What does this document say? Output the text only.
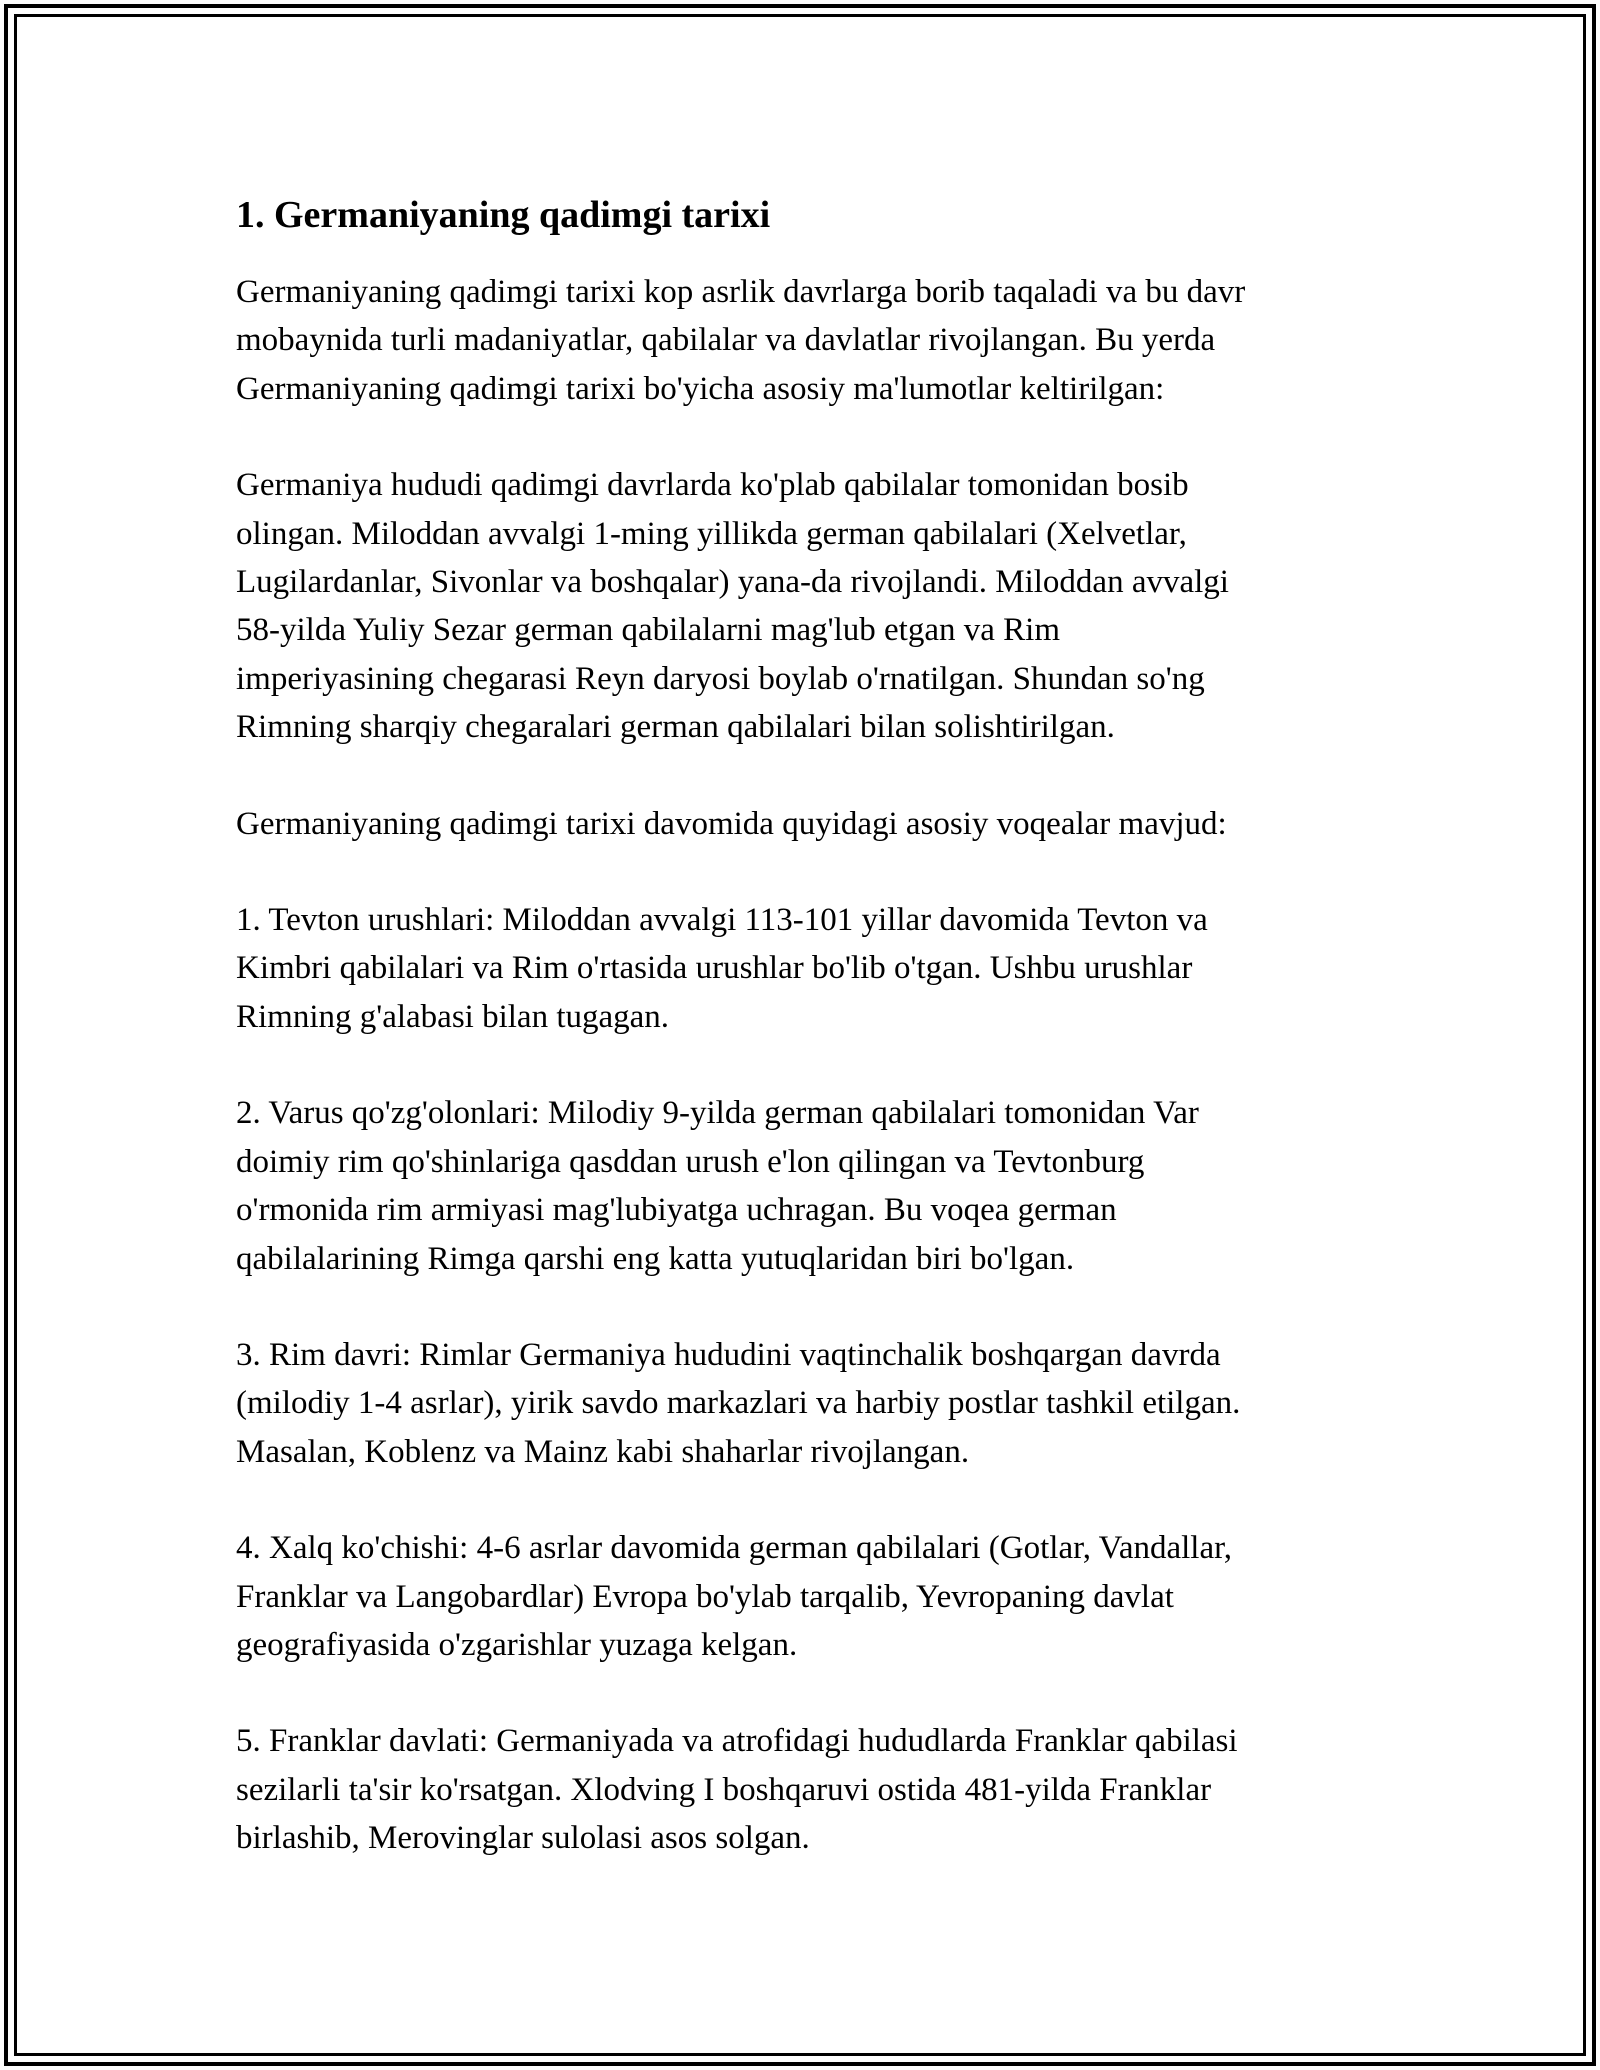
1. Germaniyaning qadimgi tarixi

Germaniyaning qadimgi tarixi kop asrlik davrlarga borib taqaladi va bu davr
mobaynida turli madaniyatlar, qabilalar va davlatlar rivojlangan. Bu yerda
Germaniyaning qadimgi tarixi bo'yicha asosiy ma'lumotlar keltirilgan:

Germaniya hududi qadimgi davrlarda ko'plab qabilalar tomonidan bosib
olingan. Miloddan avvalgi 1-ming yillikda german qabilalari (Xelvetlar,
Lugilardanlar, Sivonlar va boshqalar) yana-da rivojlandi. Miloddan avvalgi
58-yilda Yuliy Sezar german qabilalarni mag'lub etgan va Rim
imperiyasining chegarasi Reyn daryosi boylab o'rnatilgan. Shundan so'ng
Rimning sharqiy chegaralari german qabilalari bilan solishtirilgan.

Germaniyaning qadimgi tarixi davomida quyidagi asosiy voqealar mavjud:

1. Tevton urushlari: Miloddan avvalgi 113-101 yillar davomida Tevton va
Kimbri qabilalari va Rim o'rtasida urushlar bo'lib o'tgan. Ushbu urushlar
Rimning g'alabasi bilan tugagan.

2. Varus qo'zg'olonlari: Milodiy 9-yilda german qabilalari tomonidan Var
doimiy rim qo'shinlariga qasddan urush e'lon qilingan va Tevtonburg
o'rmonida rim armiyasi mag'lubiyatga uchragan. Bu voqea german
qabilalarining Rimga qarshi eng katta yutuqlaridan biri bo'lgan.

3. Rim davri: Rimlar Germaniya hududini vaqtinchalik boshqargan davrda
(milodiy 1-4 asrlar), yirik savdo markazlari va harbiy postlar tashkil etilgan.
Masalan, Koblenz va Mainz kabi shaharlar rivojlangan.

4. Xalq ko'chishi: 4-6 asrlar davomida german qabilalari (Gotlar, Vandallar,
Franklar va Langobardlar) Evropa bo'ylab tarqalib, Yevropaning davlat
geografiyasida o'zgarishlar yuzaga kelgan.

5. Franklar davlati: Germaniyada va atrofidagi hududlarda Franklar qabilasi
sezilarli ta'sir ko'rsatgan. Xlodving I boshqaruvi ostida 481-yilda Franklar
birlashib, Merovinglar sulolasi asos solgan.
